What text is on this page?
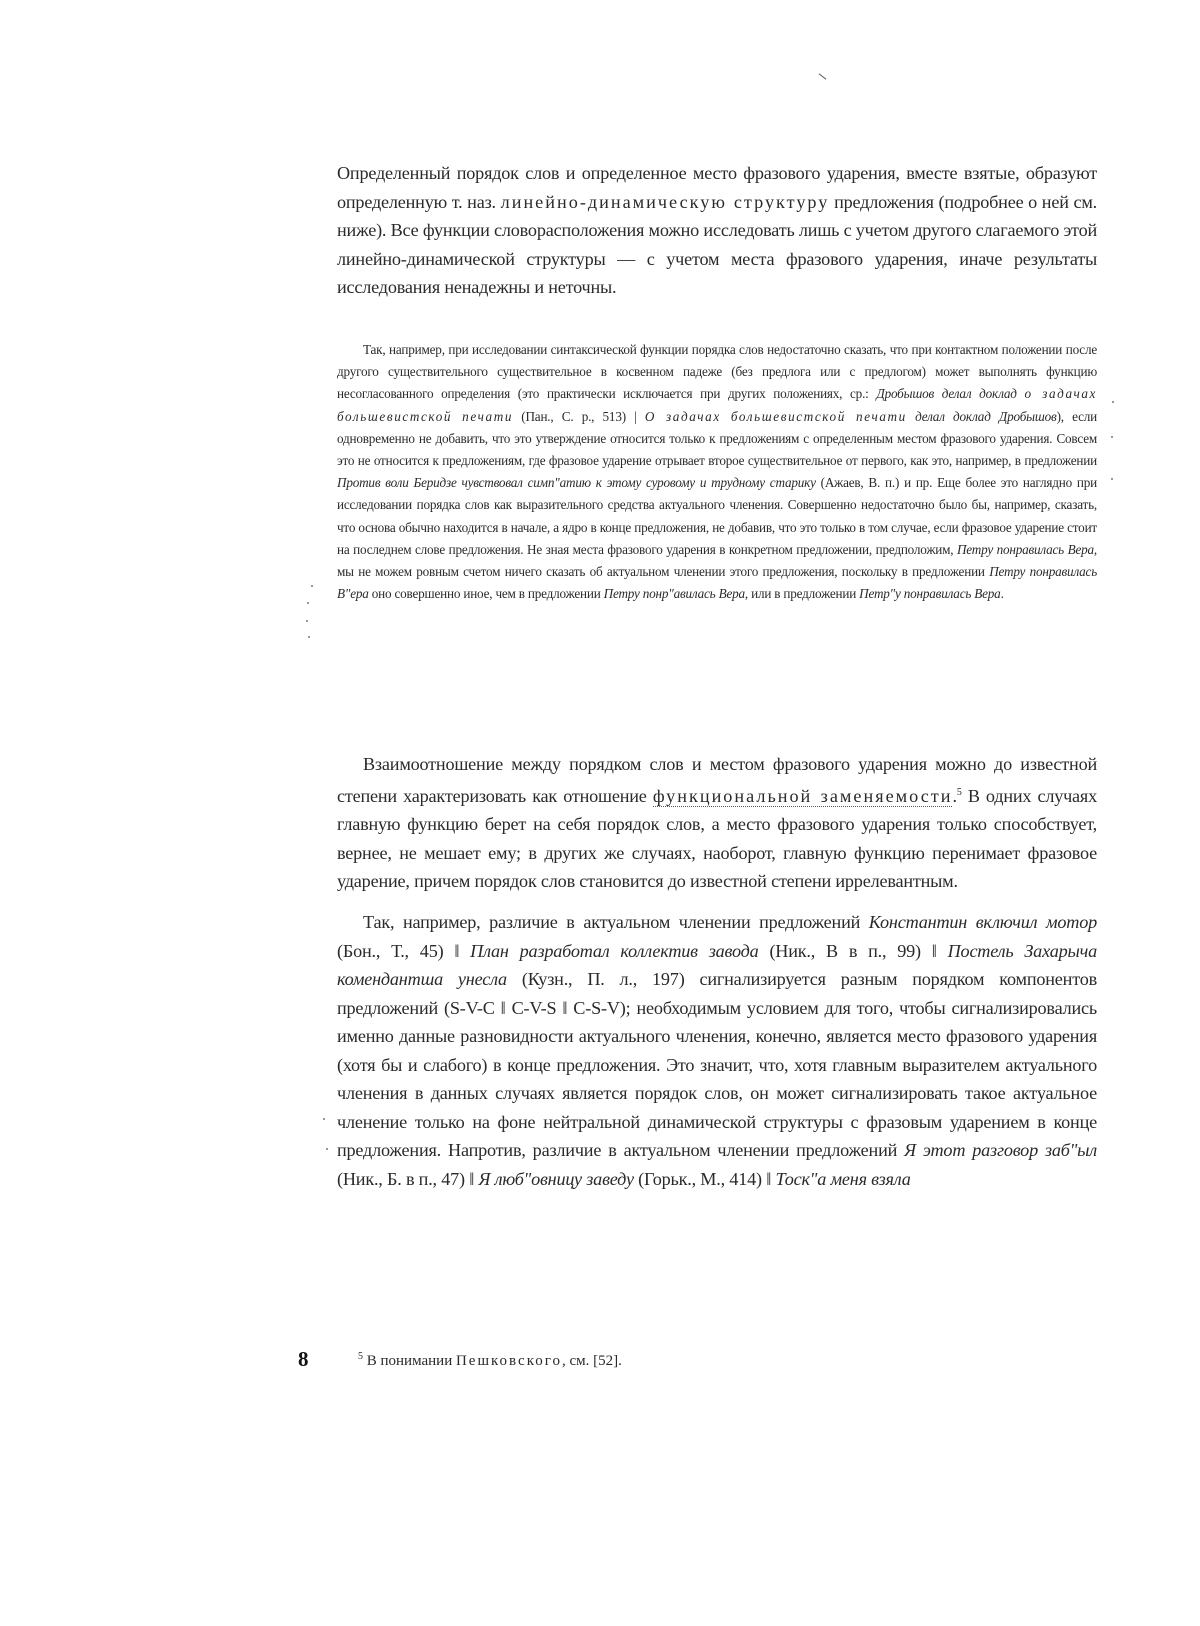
Определенный порядок слов и определенное место фразового ударения, вместе взятые, образуют определенную т. наз. линейно-динамическую структуру предложения (подробнее о ней см. ниже). Все функции словорасположения можно исследовать лишь с учетом другого слагаемого этой линейно-динамической структуры — с учетом места фразового ударения, иначе результаты исследования ненадежны и неточны.

Так, например, при исследовании синтаксической функции порядка слов недостаточно сказать, что при контактном положении после другого существительного существительное в косвенном падеже (без предлога или с предлогом) может выполнять функцию несогласованного определения (это практически исключается при других положениях, ср.: Дробышов делал доклад о задачах большевистской печати (Пан., С. р., 513) | О задачах большевистской печати делал доклад Дробышов), если одновременно не добавить, что это утверждение относится только к предложениям с определенным местом фразового ударения. Совсем это не относится к предложениям, где фразовое ударение отрывает второе существительное от первого, как это, например, в предложении Против воли Беридзе чувствовал симп"атию к этому суровому и трудному старику (Ажаев, В. п.) и пр. Еще более это наглядно при исследовании порядка слов как выразительного средства актуального членения. Совершенно недостаточно было бы, например, сказать, что основа обычно находится в начале, а ядро в конце предложения, не добавив, что это только в том случае, если фразовое ударение стоит на последнем слове предложения. Не зная места фразового ударения в конкретном предложении, предположим, Петру понравилась Вера, мы не можем ровным счетом ничего сказать об актуальном членении этого предложения, поскольку в предложении Петру понравилась В"ера оно совершенно иное, чем в предложении Петру понр"авилась Вера, или в предложении Петр"у понравилась Вера.

Взаимоотношение между порядком слов и местом фразового ударения можно до известной степени характеризовать как отношение функциональной заменяемости.$^5$ В одних случаях главную функцию берет на себя порядок слов, а место фразового ударения только способствует, вернее, не мешает ему; в других же случаях, наоборот, главную функцию перенимает фразовое ударение, причем порядок слов становится до известной степени иррелевантным.

Так, например, различие в актуальном членении предложений Константин включил мотор (Бон., Т., 45) ‖ План разработал коллектив завода (Ник., В в п., 99) ‖ Постель Захарыча комендантша унесла (Кузн., П. л., 197) сигнализируется разным порядком компонентов предложений (S-V-C ‖ C-V-S ‖ C-S-V); необходимым условием для того, чтобы сигнализировались именно данные разновидности актуального членения, конечно, является место фразового ударения (хотя бы и слабого) в конце предложения. Это значит, что, хотя главным выразителем актуального членения в данных случаях является порядок слов, он может сигнализировать такое актуальное членение только на фоне нейтральной динамической структуры с фразовым ударением в конце предложения. Напротив, различие в актуальном членении предложений Я этот разговор заб"ыл (Ник., Б. в п., 47) ‖ Я люб"овницу заведу (Горьк., М., 414) ‖ Тоск"а меня взяла

8	$^5$ В понимании Пешковского, см. [52].
